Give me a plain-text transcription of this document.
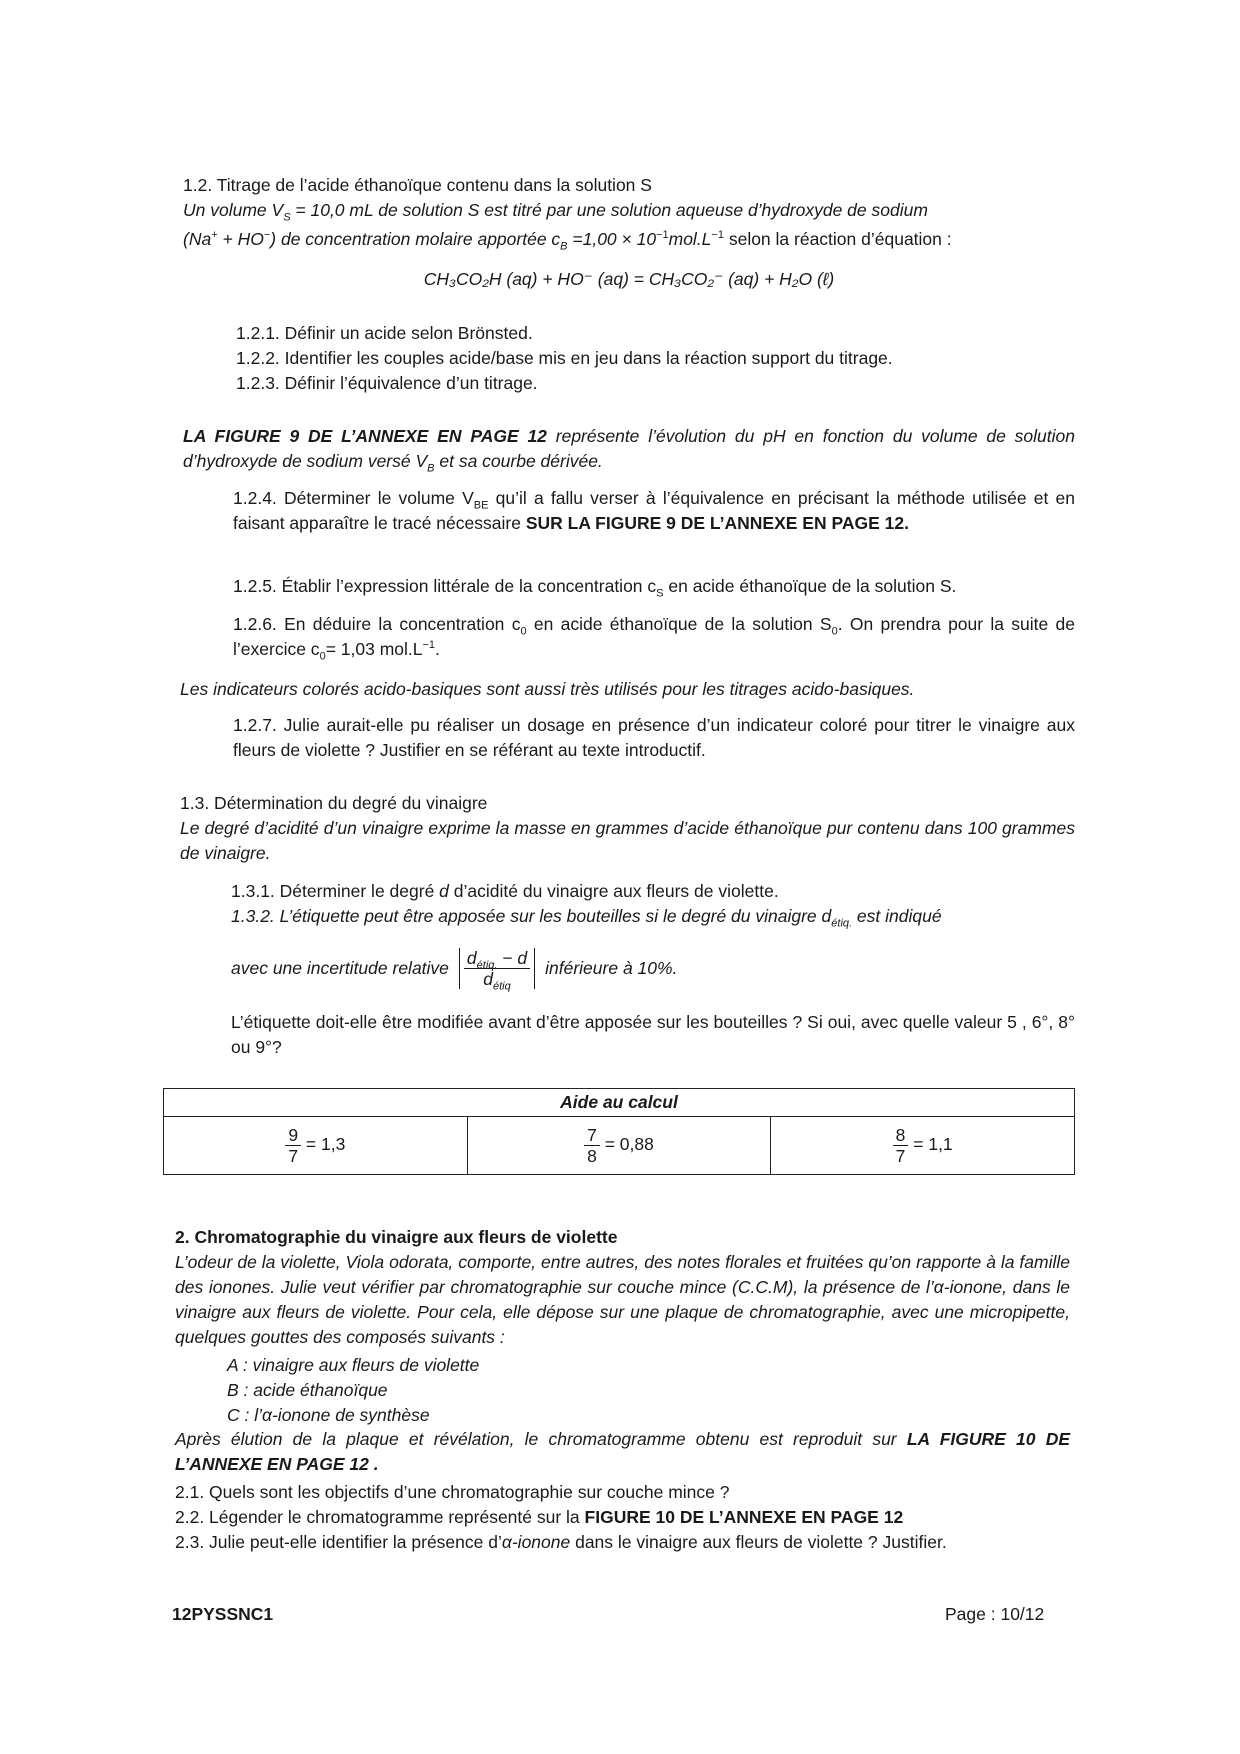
1.2. Titrage de l’acide éthanoïque contenu dans la solution S
Un volume $V_S = 10,0$ mL de solution S est titré par une solution aqueuse d’hydroxyde de sodium
(Na+ + HO−) de concentration molaire apportée $c_B =1,00 \times 10^{-1}mol.L^{-1}$ selon la réaction d’équation :
CH₃CO₂H (aq) + HO⁻ (aq) = CH₃CO₂⁻ (aq) + H₂O (ℓ)
1.2.1. Définir un acide selon Brönsted.
1.2.2. Identifier les couples acide/base mis en jeu dans la réaction support du titrage.
1.2.3. Définir l’équivalence d’un titrage.
LA FIGURE 9 DE L’ANNEXE EN PAGE 12 représente l’évolution du pH en fonction du volume de solution d’hydroxyde de sodium versé $V_B$ et sa courbe dérivée.
1.2.4. Déterminer le volume $V_{BE}$ qu’il a fallu verser à l’équivalence en précisant la méthode utilisée et en faisant apparaître le tracé nécessaire SUR LA FIGURE 9 DE L’ANNEXE EN PAGE 12.
1.2.5. Établir l’expression littérale de la concentration $c_S$ en acide éthanoïque de la solution S.
1.2.6. En déduire la concentration $c_0$ en acide éthanoïque de la solution $S_0$. On prendra pour la suite de l’exercice $c_0= 1,03$ $mol.L^{-1}$.
Les indicateurs colorés acido-basiques sont aussi très utilisés pour les titrages acido-basiques.
1.2.7. Julie aurait-elle pu réaliser un dosage en présence d’un indicateur coloré pour titrer le vinaigre aux fleurs de violette ? Justifier en se référant au texte introductif.
1.3. Détermination du degré du vinaigre
Le degré d’acidité d’un vinaigre exprime la masse en grammes d’acide éthanoïque pur contenu dans 100 grammes de vinaigre.
1.3.1. Déterminer le degré d d’acidité du vinaigre aux fleurs de violette.
1.3.2. L’étiquette peut être apposée sur les bouteilles si le degré du vinaigre $d_{étiq.}$ est indiqué
avec une incertitude relative $\frac{d_{étiq.} - d}{d_{étiq}}$ inférieure à 10%.
L’étiquette doit-elle être modifiée avant d’être apposée sur les bouteilles ? Si oui, avec quelle valeur 5 , 6°, 8° ou 9°?
Aide au calcul

$\frac{9}{7} = 1,3$	$\frac{7}{8} = 0,88$	$\frac{8}{7} = 1,1$
2. Chromatographie du vinaigre aux fleurs de violette
L’odeur de la violette, Viola odorata, comporte, entre autres, des notes florales et fruitées qu’on rapporte à la famille des ionones. Julie veut vérifier par chromatographie sur couche mince (C.C.M), la présence de l’α-ionone, dans le vinaigre aux fleurs de violette. Pour cela, elle dépose sur une plaque de chromatographie, avec une micropipette, quelques gouttes des composés suivants :
A : vinaigre aux fleurs de violette
B : acide éthanoïque
C : l’α-ionone de synthèse
Après élution de la plaque et révélation, le chromatogramme obtenu est reproduit sur LA FIGURE 10 DE L’ANNEXE EN PAGE 12 .
2.1. Quels sont les objectifs d’une chromatographie sur couche mince ?
2.2. Légender le chromatogramme représenté sur la FIGURE 10 DE L’ANNEXE EN PAGE 12
2.3. Julie peut-elle identifier la présence d’α-ionone dans le vinaigre aux fleurs de violette ? Justifier.
12PYSSNC1	Page : 10/12
